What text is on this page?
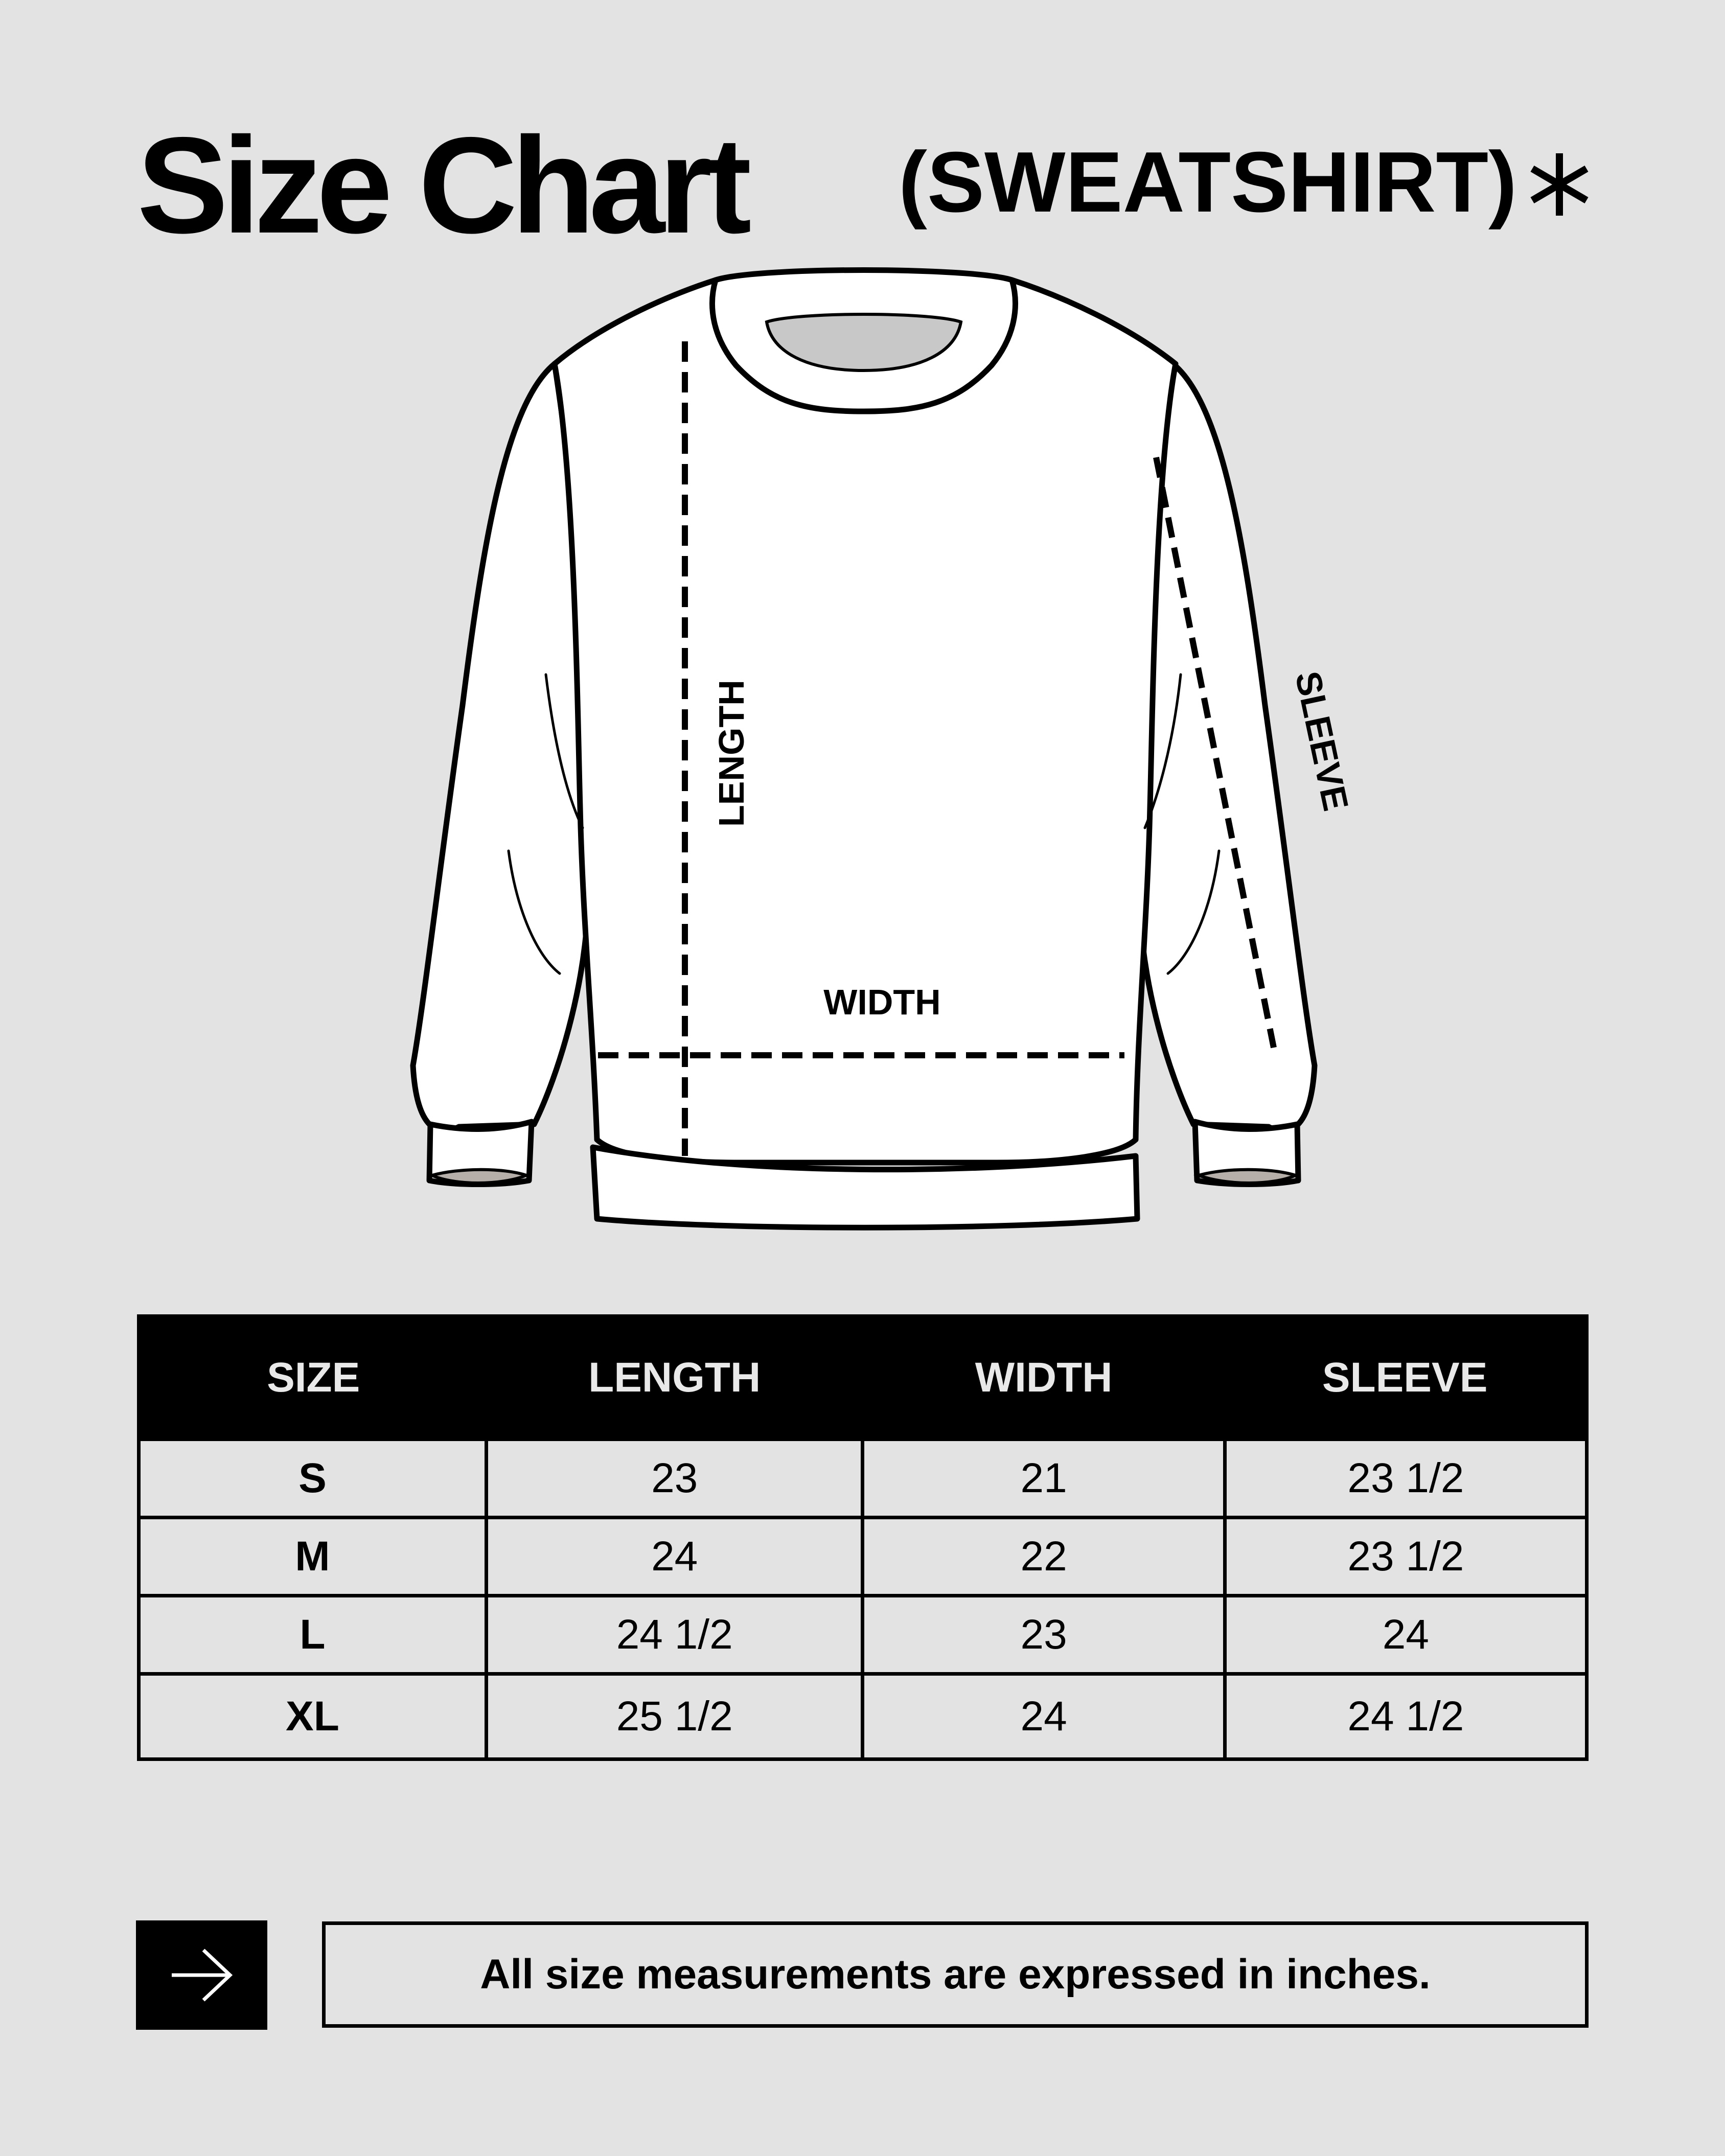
Size Chart (SWEATSHIRT)
LENGTH
WIDTH
SLEEVE
SIZE	LENGTH	WIDTH	SLEEVE
S	23	21	23 1/2
M	24	22	23 1/2
L	24 1/2	23	24
XL	25 1/2	24	24 1/2
All size measurements are expressed in inches.
